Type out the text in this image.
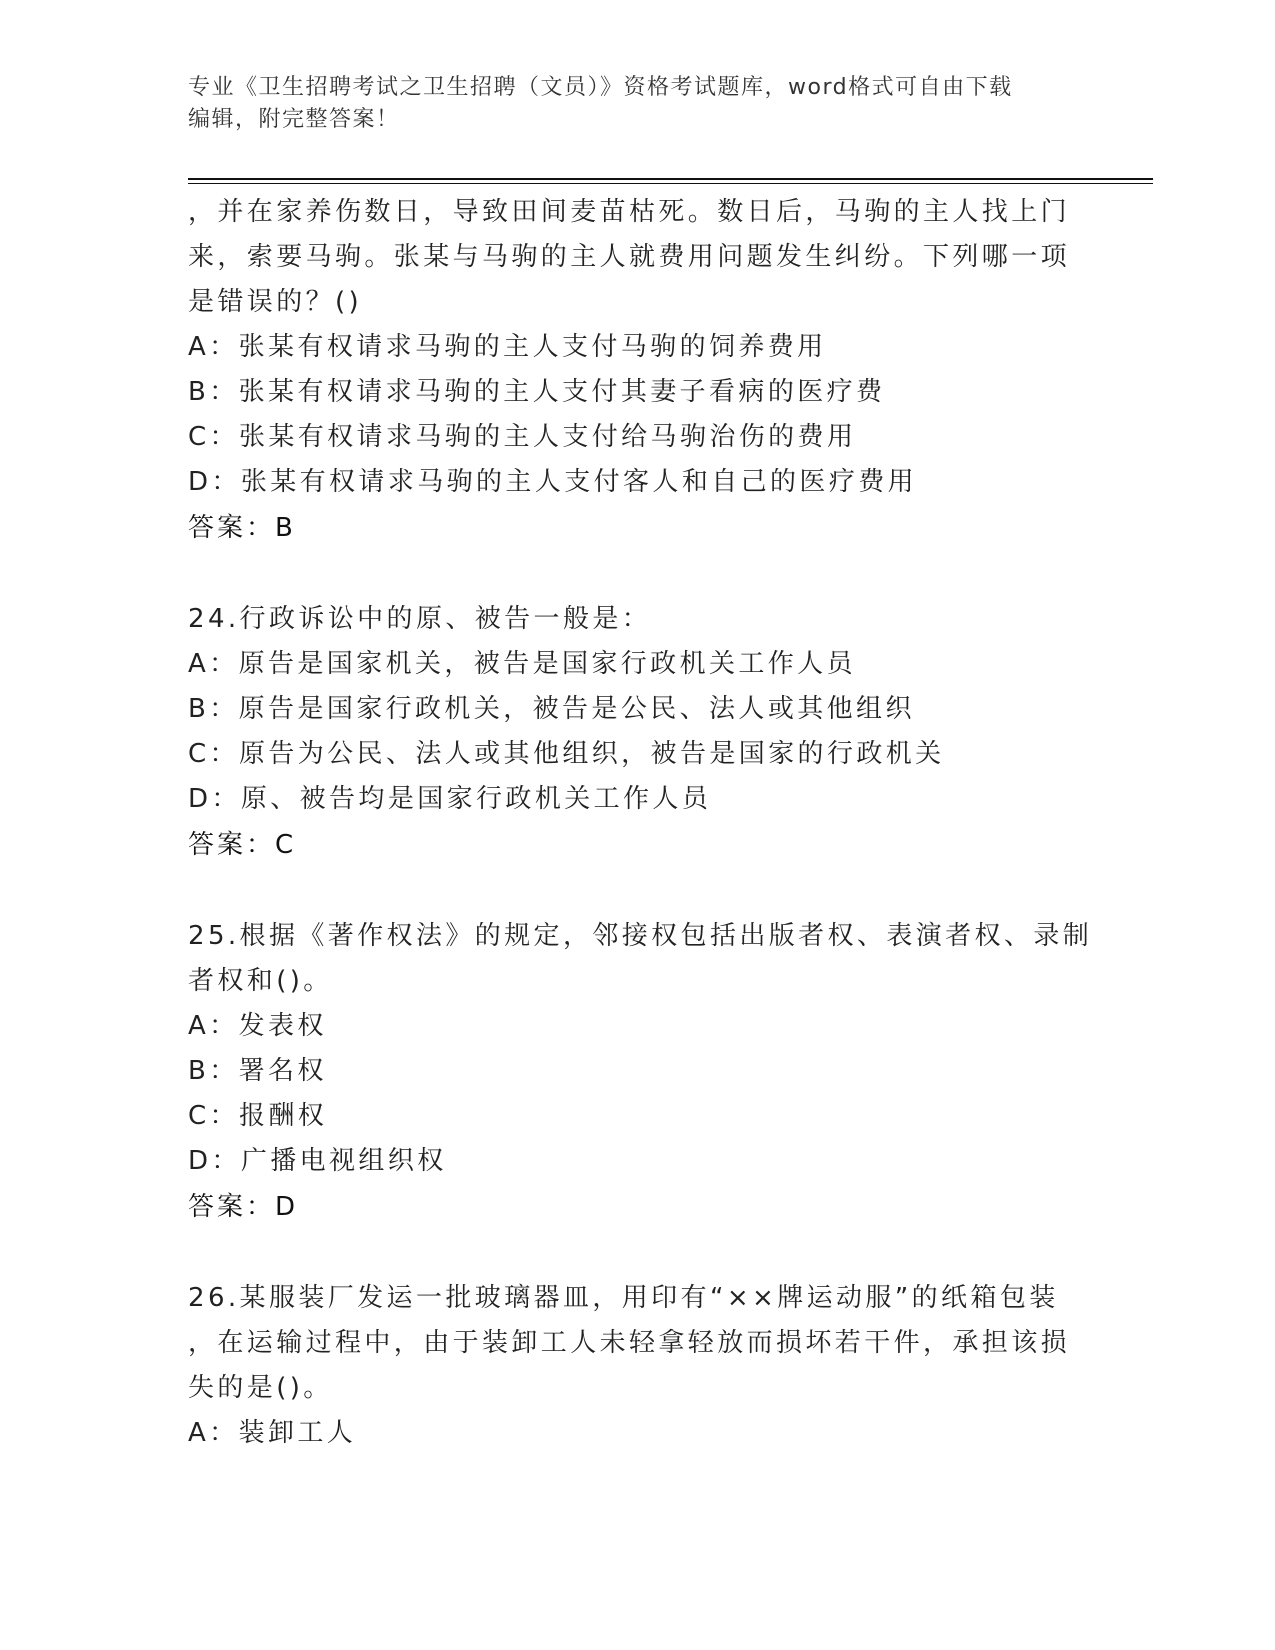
专业《卫生招聘考试之卫生招聘（文员）》资格考试题库，word格式可自由下载
编辑，附完整答案！
，并在家养伤数日，导致田间麦苗枯死。数日后，马驹的主人找上门
来，索要马驹。张某与马驹的主人就费用问题发生纠纷。下列哪一项
是错误的？()
A：张某有权请求马驹的主人支付马驹的饲养费用
B：张某有权请求马驹的主人支付其妻子看病的医疗费
C：张某有权请求马驹的主人支付给马驹治伤的费用
D：张某有权请求马驹的主人支付客人和自己的医疗费用
答案：B
24.行政诉讼中的原、被告一般是：
A：原告是国家机关，被告是国家行政机关工作人员
B：原告是国家行政机关，被告是公民、法人或其他组织
C：原告为公民、法人或其他组织，被告是国家的行政机关
D：原、被告均是国家行政机关工作人员
答案：C
25.根据《著作权法》的规定，邻接权包括出版者权、表演者权、录制
者权和()。
A：发表权
B：署名权
C：报酬权
D：广播电视组织权
答案：D
26.某服装厂发运一批玻璃器皿，用印有“××牌运动服”的纸箱包装
，在运输过程中，由于装卸工人未轻拿轻放而损坏若干件，承担该损
失的是()。
A：装卸工人
